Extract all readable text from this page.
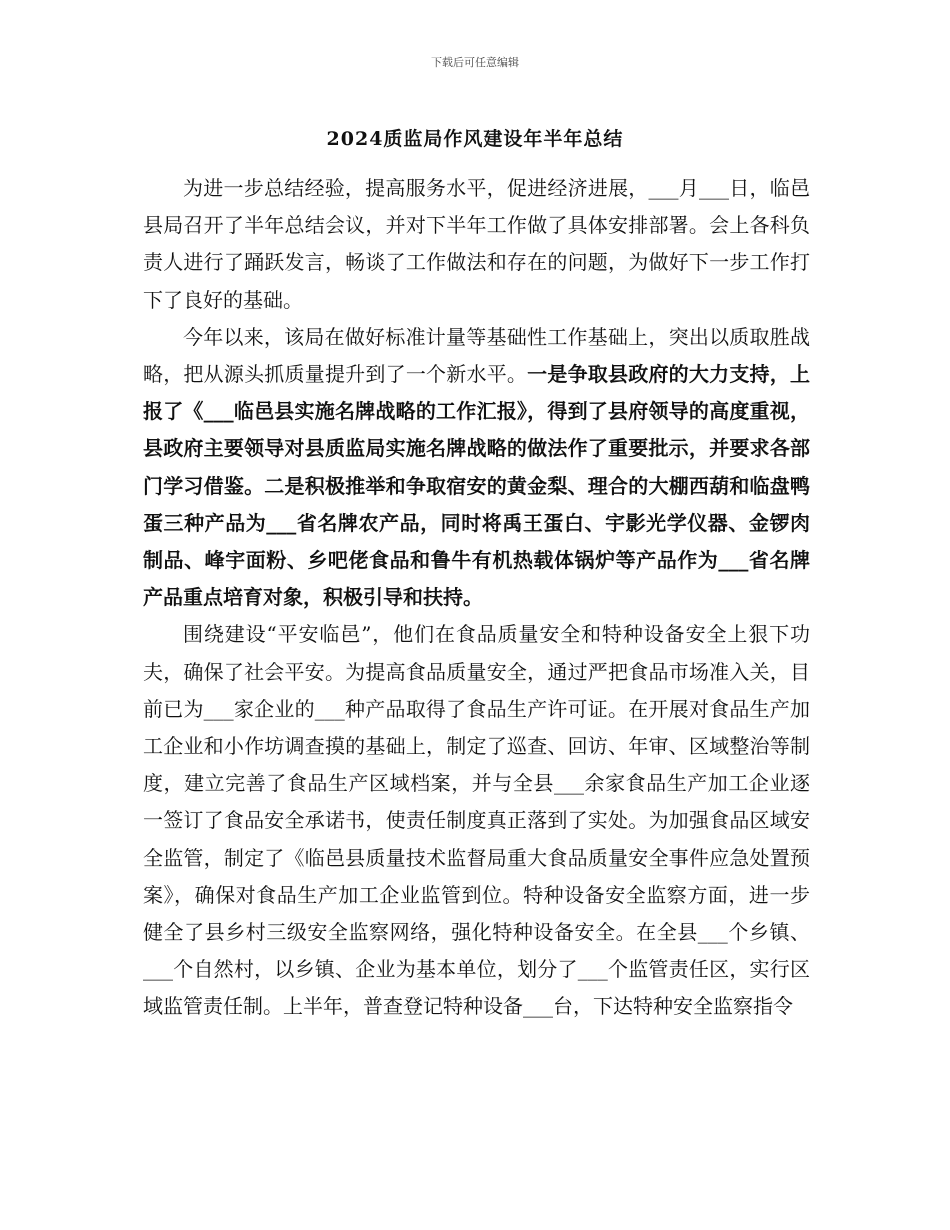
下载后可任意编辑
2024质监局作风建设年半年总结

为进一步总结经验，提高服务水平，促进经济进展，___月___日，临邑县局召开了半年总结会议，并对下半年工作做了具体安排部署。会上各科负责人进行了踊跃发言，畅谈了工作做法和存在的问题，为做好下一步工作打下了良好的基础。

今年以来，该局在做好标准计量等基础性工作基础上，突出以质取胜战略，把从源头抓质量提升到了一个新水平。一是争取县政府的大力支持，上报了《___临邑县实施名牌战略的工作汇报》，得到了县府领导的高度重视，县政府主要领导对县质监局实施名牌战略的做法作了重要批示，并要求各部门学习借鉴。二是积极推举和争取宿安的黄金梨、理合的大棚西葫和临盘鸭蛋三种产品为___省名牌农产品，同时将禹王蛋白、宇影光学仪器、金锣肉制品、峰宇面粉、乡吧佬食品和鲁牛有机热载体锅炉等产品作为___省名牌产品重点培育对象，积极引导和扶持。

围绕建设“平安临邑”，他们在食品质量安全和特种设备安全上狠下功夫，确保了社会平安。为提高食品质量安全，通过严把食品市场准入关，目前已为___家企业的___种产品取得了食品生产许可证。在开展对食品生产加工企业和小作坊调查摸的基础上，制定了巡查、回访、年审、区域整治等制度，建立完善了食品生产区域档案，并与全县___余家食品生产加工企业逐一签订了食品安全承诺书，使责任制度真正落到了实处。为加强食品区域安全监管，制定了《临邑县质量技术监督局重大食品质量安全事件应急处置预案》，确保对食品生产加工企业监管到位。特种设备安全监察方面，进一步健全了县乡村三级安全监察网络，强化特种设备安全。在全县___个乡镇、___个自然村，以乡镇、企业为基本单位，划分了___个监管责任区，实行区域监管责任制。上半年，普查登记特种设备___台，下达特种安全监察指令
